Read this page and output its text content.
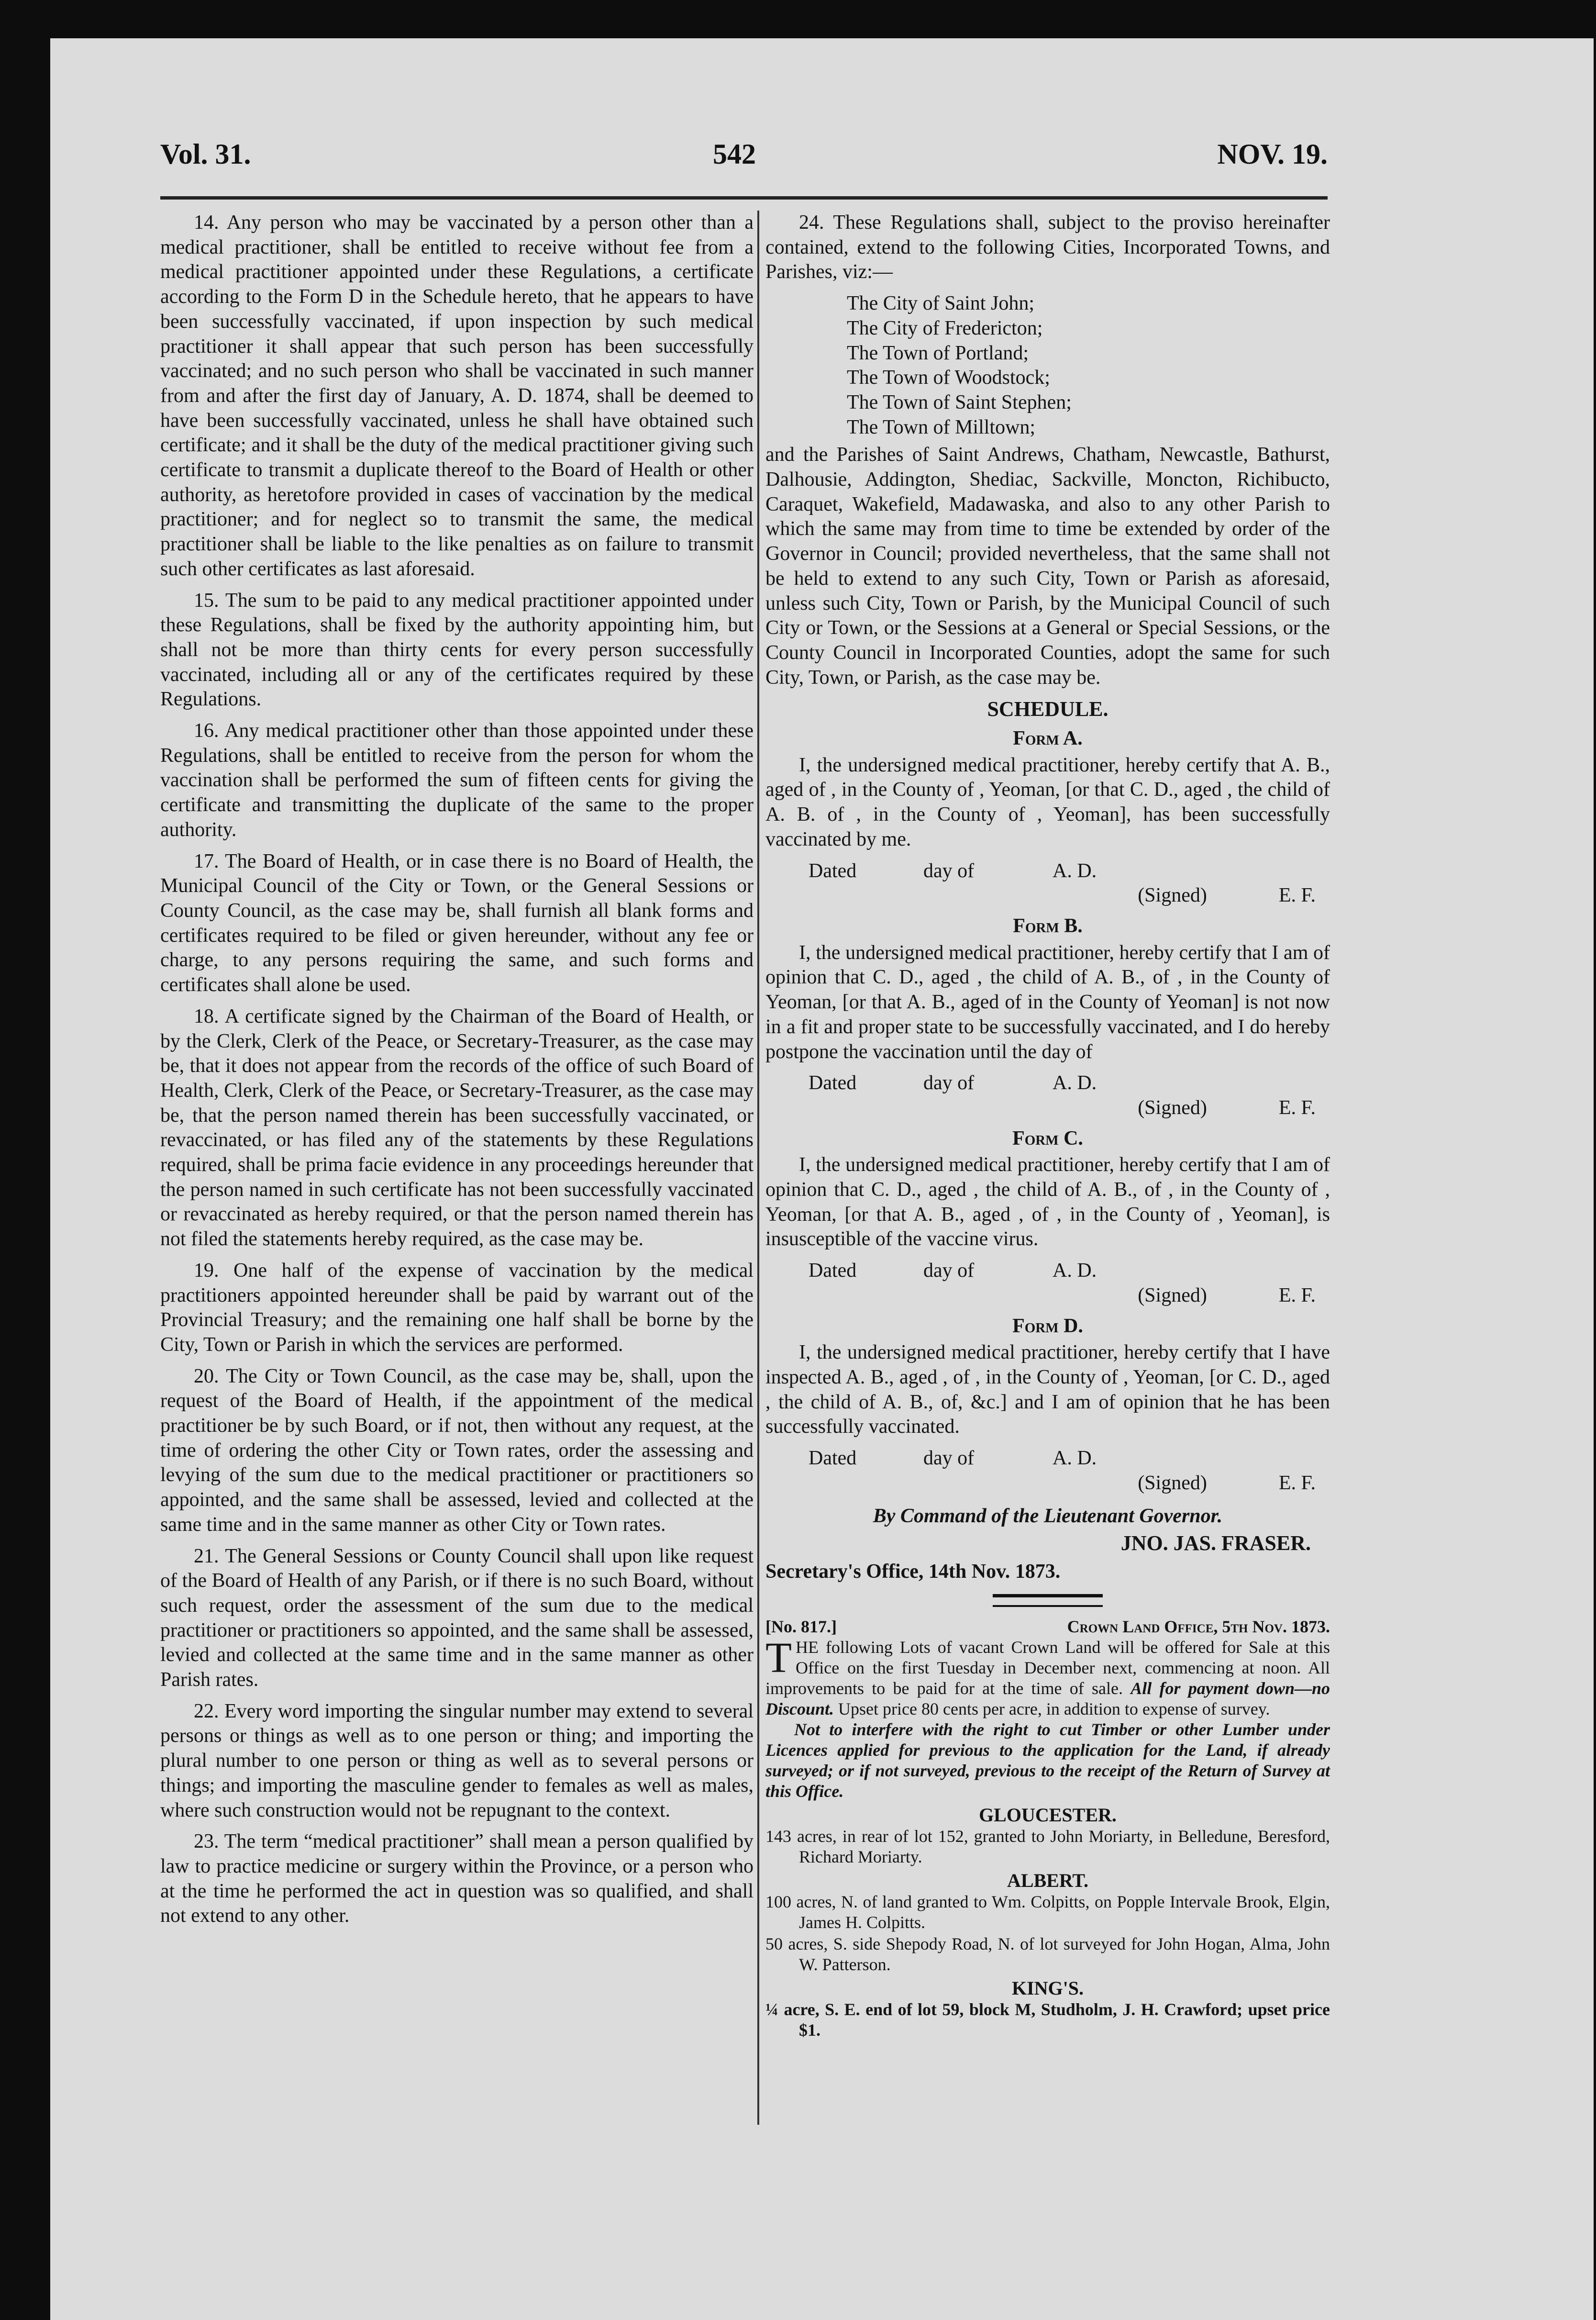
Vol. 31.	542	NOV. 19.

14. Any person who may be vaccinated by a person other than a medical practitioner, shall be entitled to receive without fee from a medical practitioner appointed under these Regulations, a certificate according to the Form D in the Schedule hereto, that he appears to have been successfully vaccinated, if upon inspection by such medical practitioner it shall appear that such person has been successfully vaccinated; and no such person who shall be vaccinated in such manner from and after the first day of January, A. D. 1874, shall be deemed to have been successfully vaccinated, unless he shall have obtained such certificate; and it shall be the duty of the medical practitioner giving such certificate to transmit a duplicate thereof to the Board of Health or other authority, as heretofore provided in cases of vaccination by the medical practitioner; and for neglect so to transmit the same, the medical practitioner shall be liable to the like penalties as on failure to transmit such other certificates as last aforesaid.

15. The sum to be paid to any medical practitioner appointed under these Regulations, shall be fixed by the authority appointing him, but shall not be more than thirty cents for every person successfully vaccinated, including all or any of the certificates required by these Regulations.

16. Any medical practitioner other than those appointed under these Regulations, shall be entitled to receive from the person for whom the vaccination shall be performed the sum of fifteen cents for giving the certificate and transmitting the duplicate of the same to the proper authority.

17. The Board of Health, or in case there is no Board of Health, the Municipal Council of the City or Town, or the General Sessions or County Council, as the case may be, shall furnish all blank forms and certificates required to be filed or given hereunder, without any fee or charge, to any persons requiring the same, and such forms and certificates shall alone be used.

18. A certificate signed by the Chairman of the Board of Health, or by the Clerk, Clerk of the Peace, or Secretary-Treasurer, as the case may be, that it does not appear from the records of the office of such Board of Health, Clerk, Clerk of the Peace, or Secretary-Treasurer, as the case may be, that the person named therein has been successfully vaccinated, or revaccinated, or has filed any of the statements by these Regulations required, shall be prima facie evidence in any proceedings hereunder that the person named in such certificate has not been successfully vaccinated or revaccinated as hereby required, or that the person named therein has not filed the statements hereby required, as the case may be.

19. One half of the expense of vaccination by the medical practitioners appointed hereunder shall be paid by warrant out of the Provincial Treasury; and the remaining one half shall be borne by the City, Town or Parish in which the services are performed.

20. The City or Town Council, as the case may be, shall, upon the request of the Board of Health, if the appointment of the medical practitioner be by such Board, or if not, then without any request, at the time of ordering the other City or Town rates, order the assessing and levying of the sum due to the medical practitioner or practitioners so appointed, and the same shall be assessed, levied and collected at the same time and in the same manner as other City or Town rates.

21. The General Sessions or County Council shall upon like request of the Board of Health of any Parish, or if there is no such Board, without such request, order the assessment of the sum due to the medical practitioner or practitioners so appointed, and the same shall be assessed, levied and collected at the same time and in the same manner as other Parish rates.

22. Every word importing the singular number may extend to several persons or things as well as to one person or thing; and importing the plural number to one person or thing as well as to several persons or things; and importing the masculine gender to females as well as males, where such construction would not be repugnant to the context.

23. The term “medical practitioner” shall mean a person qualified by law to practice medicine or surgery within the Province, or a person who at the time he performed the act in question was so qualified, and shall not extend to any other.

24. These Regulations shall, subject to the proviso hereinafter contained, extend to the following Cities, Incorporated Towns, and Parishes, viz:—

The City of Saint John;
The City of Fredericton;
The Town of Portland;
The Town of Woodstock;
The Town of Saint Stephen;
The Town of Milltown;

and the Parishes of Saint Andrews, Chatham, Newcastle, Bathurst, Dalhousie, Addington, Shediac, Sackville, Moncton, Richibucto, Caraquet, Wakefield, Madawaska, and also to any other Parish to which the same may from time to time be extended by order of the Governor in Council; provided nevertheless, that the same shall not be held to extend to any such City, Town or Parish as aforesaid, unless such City, Town or Parish, by the Municipal Council of such City or Town, or the Sessions at a General or Special Sessions, or the County Council in Incorporated Counties, adopt the same for such City, Town, or Parish, as the case may be.

SCHEDULE.
Form A.

I, the undersigned medical practitioner, hereby certify that A. B., aged of , in the County of , Yeoman, [or that C. D., aged , the child of A. B. of , in the County of , Yeoman], has been successfully vaccinated by me.

Dated	day of	A. D.
(Signed)	E. F.
Form B.

I, the undersigned medical practitioner, hereby certify that I am of opinion that C. D., aged , the child of A. B., of , in the County of Yeoman, [or that A. B., aged of in the County of Yeoman] is not now in a fit and proper state to be successfully vaccinated, and I do hereby postpone the vaccination until the day of

Dated	day of	A. D.
(Signed)	E. F.
Form C.

I, the undersigned medical practitioner, hereby certify that I am of opinion that C. D., aged , the child of A. B., of , in the County of , Yeoman, [or that A. B., aged , of , in the County of , Yeoman], is insusceptible of the vaccine virus.

Dated	day of	A. D.
(Signed)	E. F.
Form D.

I, the undersigned medical practitioner, hereby certify that I have inspected A. B., aged , of , in the County of , Yeoman, [or C. D., aged , the child of A. B., of, &c.] and I am of opinion that he has been successfully vaccinated.

Dated	day of	A. D.
(Signed)	E. F.
By Command of the Lieutenant Governor.
JNO. JAS. FRASER.
Secretary's Office, 14th Nov. 1873.
[No. 817.]	Crown Land Office, 5th Nov. 1873.

THE following Lots of vacant Crown Land will be offered for Sale at this Office on the first Tuesday in December next, commencing at noon. All improvements to be paid for at the time of sale. All for payment down—no Discount. Upset price 80 cents per acre, in addition to expense of survey.

Not to interfere with the right to cut Timber or other Lumber under Licences applied for previous to the application for the Land, if already surveyed; or if not surveyed, previous to the receipt of the Return of Survey at this Office.

GLOUCESTER.

143 acres, in rear of lot 152, granted to John Moriarty, in Belledune, Beresford, Richard Moriarty.

ALBERT.

100 acres, N. of land granted to Wm. Colpitts, on Popple Intervale Brook, Elgin, James H. Colpitts.

50 acres, S. side Shepody Road, N. of lot surveyed for John Hogan, Alma, John W. Patterson.

KING'S.

¼ acre, S. E. end of lot 59, block M, Studholm, J. H. Crawford; upset price $1.
